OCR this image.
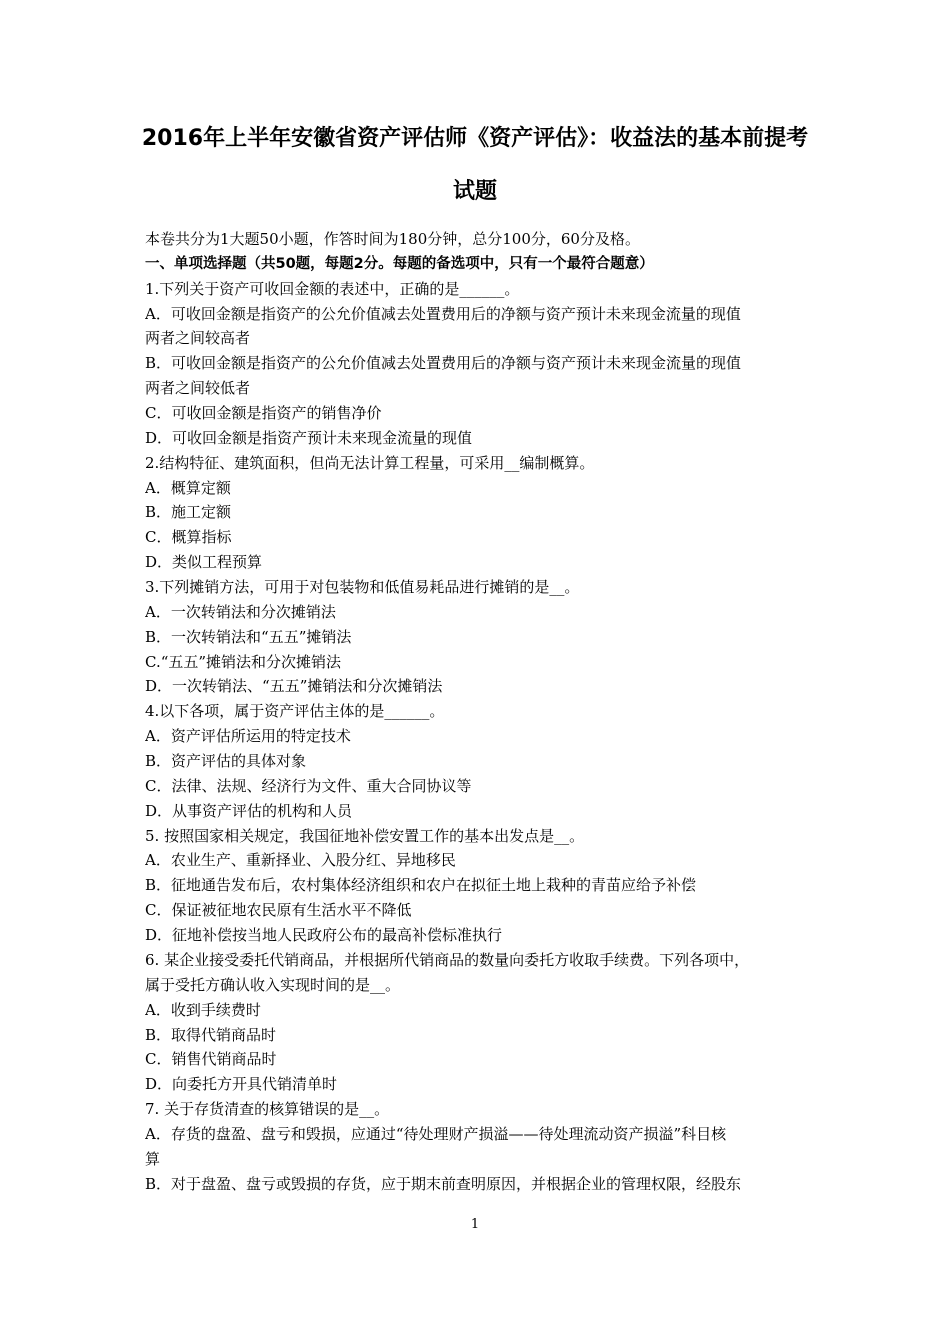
2016年上半年安徽省资产评估师《资产评估》：收益法的基本前提考
试题
本卷共分为1大题50小题，作答时间为180分钟，总分100分，60分及格。
一、单项选择题（共50题，每题2分。每题的备选项中，只有一个最符合题意）
1.下列关于资产可收回金额的表述中，正确的是______。
A．可收回金额是指资产的公允价值减去处置费用后的净额与资产预计未来现金流量的现值
两者之间较高者
B．可收回金额是指资产的公允价值减去处置费用后的净额与资产预计未来现金流量的现值
两者之间较低者
C．可收回金额是指资产的销售净价
D．可收回金额是指资产预计未来现金流量的现值
2.结构特征、建筑面积，但尚无法计算工程量，可采用__编制概算。
A．概算定额
B．施工定额
C．概算指标
D．类似工程预算
3.下列摊销方法，可用于对包装物和低值易耗品进行摊销的是__。
A．一次转销法和分次摊销法
B．一次转销法和“五五”摊销法
C.“五五”摊销法和分次摊销法
D．一次转销法、“五五”摊销法和分次摊销法
4.以下各项，属于资产评估主体的是______。
A．资产评估所运用的特定技术
B．资产评估的具体对象
C．法律、法规、经济行为文件、重大合同协议等
D．从事资产评估的机构和人员
5. 按照国家相关规定，我国征地补偿安置工作的基本出发点是__。
A．农业生产、重新择业、入股分红、异地移民
B．征地通告发布后，农村集体经济组织和农户在拟征土地上栽种的青苗应给予补偿
C．保证被征地农民原有生活水平不降低
D．征地补偿按当地人民政府公布的最高补偿标准执行
6. 某企业接受委托代销商品，并根据所代销商品的数量向委托方收取手续费。下列各项中，
属于受托方确认收入实现时间的是__。
A．收到手续费时
B．取得代销商品时
C．销售代销商品时
D．向委托方开具代销清单时
7. 关于存货清查的核算错误的是__。
A．存货的盘盈、盘亏和毁损，应通过“待处理财产损溢——待处理流动资产损溢”科目核
算
B．对于盘盈、盘亏或毁损的存货，应于期末前查明原因，并根据企业的管理权限，经股东
1
